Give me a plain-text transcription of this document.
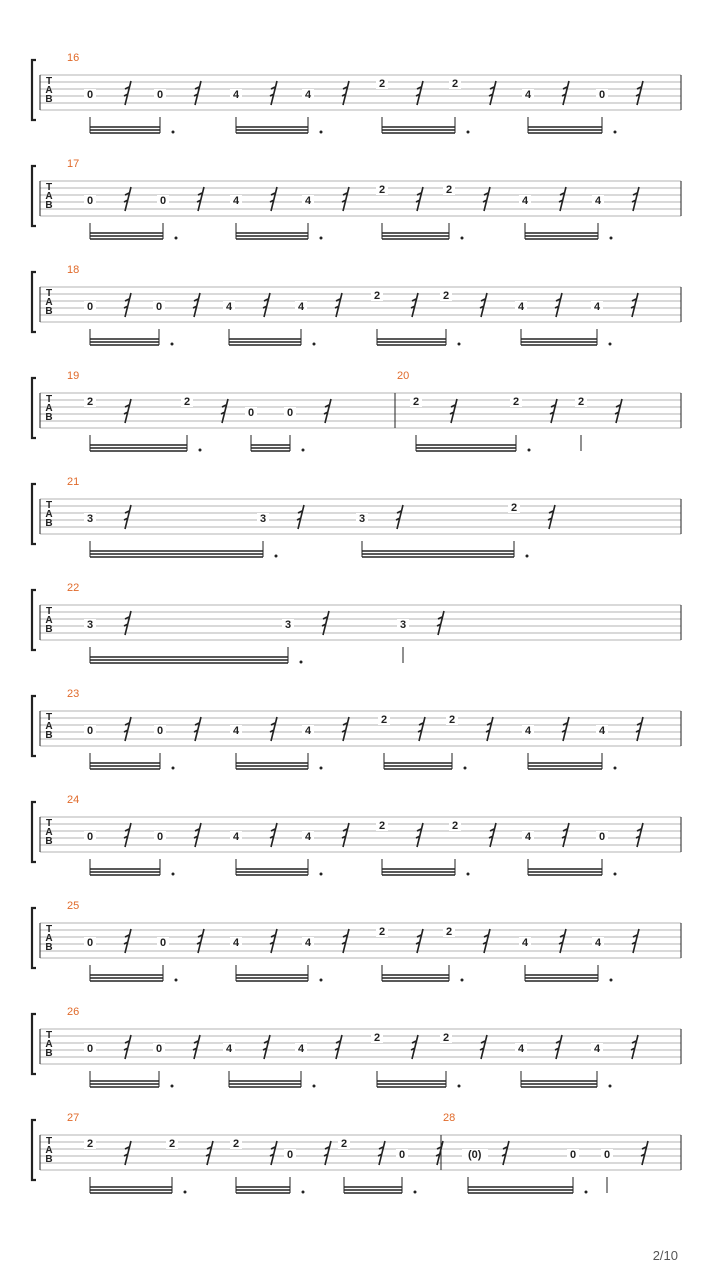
T
A
B
16
0	0	4	4
2	2
4	0
T
A
B
17
0	0	4	4
2	2
4	4
T
A
B
18
0	0	4	4
2	2
4	4
T
A
B
19
2	2
0	0
20
2	2	2
T
A
B
21
3	3	3
2
T
A
B
22
3	3	3
T
A
B
23
0	0	4	4
2	2
4	4
T
A
B
24
0	0	4	4
2	2
4	0
T
A
B
25
0	0	4	4
2	2
4	4
T
A
B
26
0	0	4	4
2	2
4	4
T
A
B
27
2	2	2
0
2
0
28
(0)	0	0
2/10
